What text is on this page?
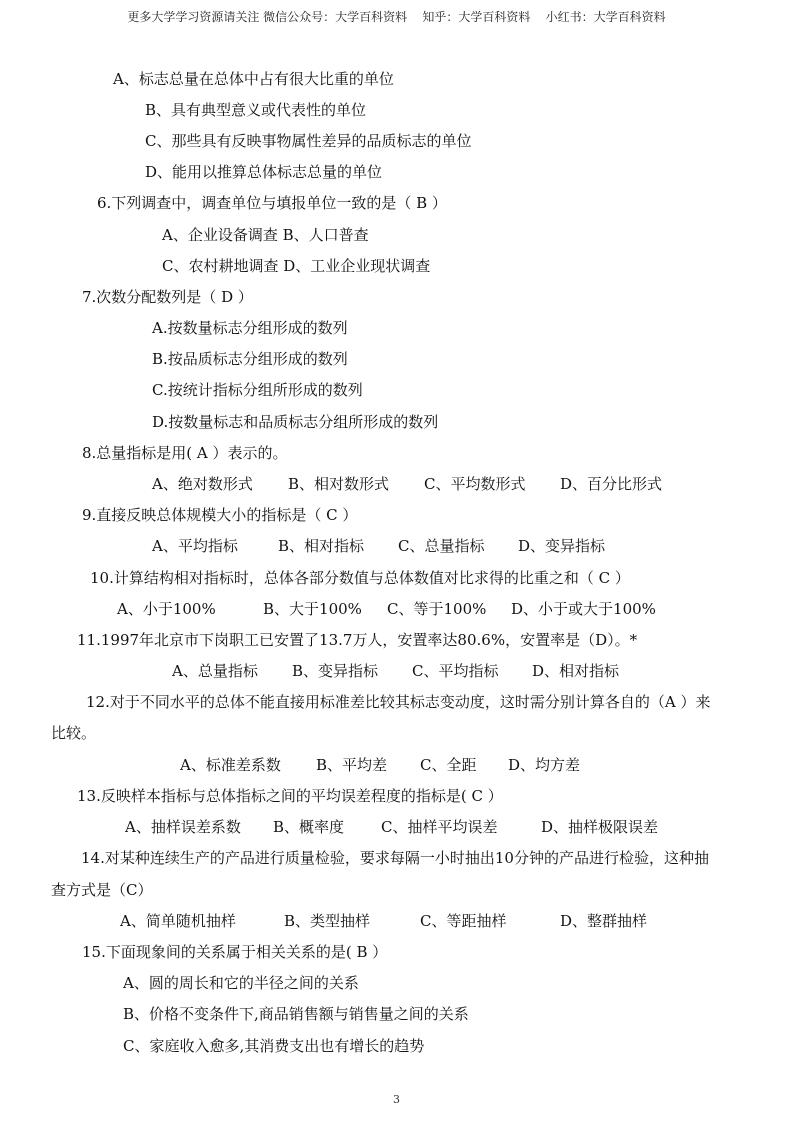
更多大学学习资源请关注 微信公众号：大学百科资料    知乎：大学百科资料    小红书：大学百科资料
A、标志总量在总体中占有很大比重的单位
B、具有典型意义或代表性的单位
C、那些具有反映事物属性差异的品质标志的单位
D、能用以推算总体标志总量的单位
6.下列调查中，调查单位与填报单位一致的是（ B ）
A、企业设备调查 B、人口普查
C、农村耕地调查 D、工业企业现状调查
7.次数分配数列是（ D ）
A.按数量标志分组形成的数列
B.按品质标志分组形成的数列
C.按统计指标分组所形成的数列
D.按数量标志和品质标志分组所形成的数列
8.总量指标是用( A ）表示的。
A、绝对数形式 B、相对数形式 C、平均数形式 D、百分比形式
9.直接反映总体规模大小的指标是（ C ）
A、平均指标	B、相对指标 C、总量指标 D、变异指标
10.计算结构相对指标时，总体各部分数值与总体数值对比求得的比重之和（ C ）
A、小于100%	B、大于100% C、等于100% D、小于或大于100%
11.1997年北京市下岗职工已安置了13.7万人，安置率达80.6%，安置率是（D）。*
A、总量指标 B、变异指标 C、平均指标 D、相对指标
12.对于不同水平的总体不能直接用标准差比较其标志变动度，这时需分别计算各自的（A ）来
比较。
A、标准差系数 B、平均差 C、全距 D、均方差
13.反映样本指标与总体指标之间的平均误差程度的指标是( C ）
A、抽样误差系数 B、概率度 C、抽样平均误差	D、抽样极限误差
14.对某种连续生产的产品进行质量检验，要求每隔一小时抽出10分钟的产品进行检验，这种抽
查方式是（C）
A、简单随机抽样	B、类型抽样	C、等距抽样	D、整群抽样
15.下面现象间的关系属于相关关系的是( B ）
A、圆的周长和它的半径之间的关系
B、价格不变条件下,商品销售额与销售量之间的关系
C、家庭收入愈多,其消费支出也有增长的趋势
3
